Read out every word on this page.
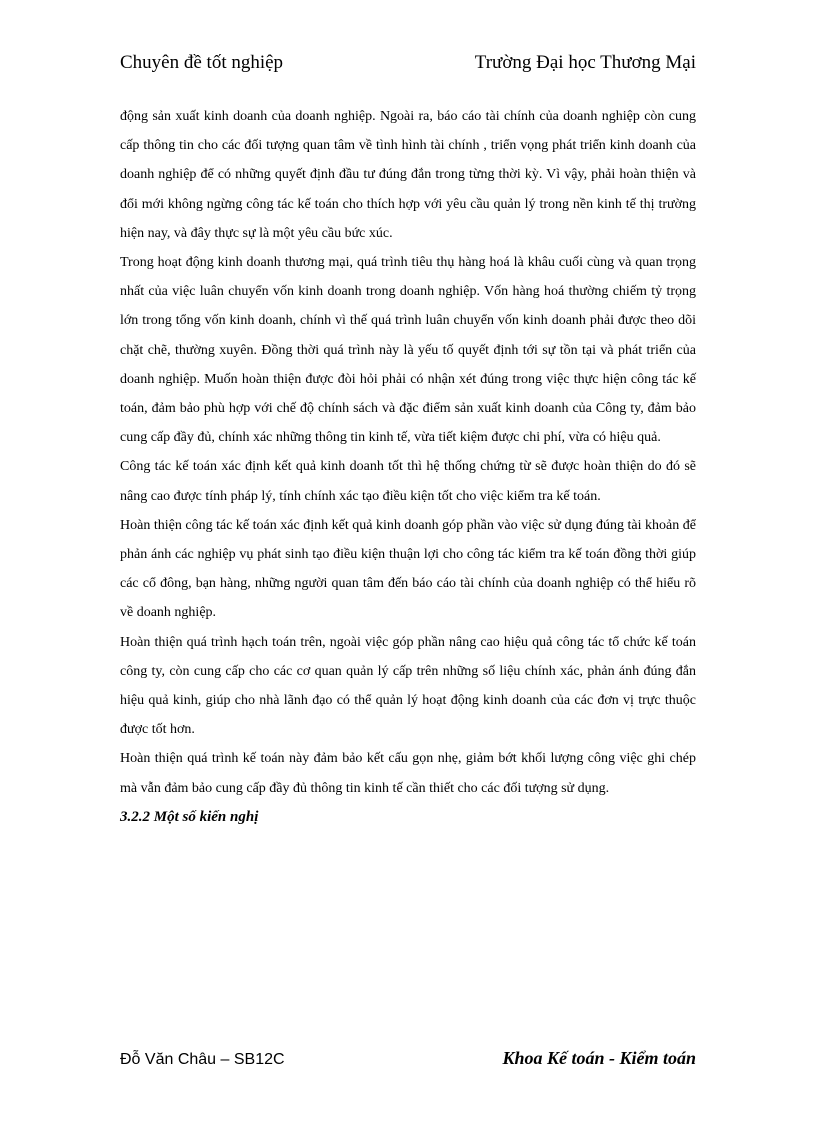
Chuyên đề tốt nghiệp	Trường Đại học Thương Mại

động sản xuất kinh doanh của doanh nghiệp. Ngoài ra, báo cáo tài chính của doanh nghiệp còn cung cấp thông tin cho các đối tượng quan tâm về tình hình tài chính , triển vọng phát triển kinh doanh của doanh nghiệp để có những quyết định đầu tư đúng đắn trong từng thời kỳ. Vì vậy, phải hoàn thiện và đổi mới không ngừng công tác kế toán cho thích hợp với yêu cầu quản lý trong nền kinh tế thị trường hiện nay, và đây thực sự là một yêu cầu bức xúc.

Trong hoạt động kinh doanh thương mại, quá trình tiêu thụ hàng hoá là khâu cuối cùng và quan trọng nhất của việc luân chuyển vốn kinh doanh trong doanh nghiệp. Vốn hàng hoá thường chiếm tỷ trọng lớn trong tổng vốn kinh doanh, chính vì thế quá trình luân chuyển vốn kinh doanh phải được theo dõi chặt chẽ, thường xuyên. Đồng thời quá trình này là yếu tố quyết định tới sự tồn tại và phát triển của doanh nghiệp. Muốn hoàn thiện được đòi hỏi phải có nhận xét đúng trong việc thực hiện công tác kế toán, đảm bảo phù hợp với chế độ chính sách và đặc điểm sản xuất kinh doanh của Công ty, đảm bảo cung cấp đầy đủ, chính xác những thông tin kinh tế, vừa tiết kiệm được chi phí, vừa có hiệu quả.

Công tác kế toán xác định kết quả kinh doanh tốt thì hệ thống chứng từ sẽ được hoàn thiện do đó sẽ nâng cao được tính pháp lý, tính chính xác tạo điều kiện tốt cho việc kiểm tra kế toán.

Hoàn thiện công tác kế toán xác định kết quả kinh doanh góp phần vào việc sử dụng đúng tài khoản để phản ánh các nghiệp vụ phát sinh tạo điều kiện thuận lợi cho công tác kiểm tra kế toán đồng thời giúp các cổ đông, bạn hàng, những người quan tâm đến báo cáo tài chính của doanh nghiệp có thể hiểu rõ về doanh nghiệp.

Hoàn thiện quá trình hạch toán trên, ngoài việc góp phần nâng cao hiệu quả công tác tổ chức kế toán công ty, còn cung cấp cho các cơ quan quản lý cấp trên những số liệu chính xác, phản ánh đúng đắn hiệu quả kinh, giúp cho nhà lãnh đạo có thể quản lý hoạt động kinh doanh của các đơn vị trực thuộc được tốt hơn.

Hoàn thiện quá trình kế toán này đảm bảo kết cấu gọn nhẹ, giảm bớt khối lượng công việc ghi chép mà vẫn đảm bảo cung cấp đầy đủ thông tin kinh tế cần thiết cho các đối tượng sử dụng.

3.2.2 Một số kiến nghị

Đỗ Văn Châu – SB12C	Khoa Kế toán - Kiểm toán
